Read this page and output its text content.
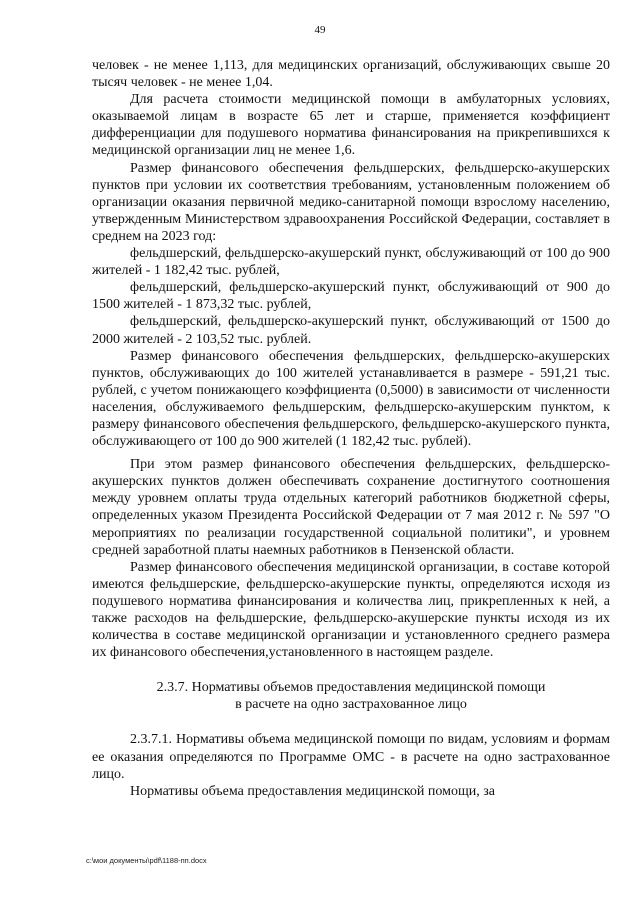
49

человек - не менее 1,113, для медицинских организаций, обслуживающих свыше 20 тысяч человек - не менее 1,04.

Для расчета стоимости медицинской помощи в амбулаторных условиях, оказываемой лицам в возрасте 65 лет и старше, применяется коэффициент дифференциации для подушевого норматива финансирования на прикрепившихся к медицинской организации лиц не менее 1,6.

Размер финансового обеспечения фельдшерских, фельдшерско-акушерских пунктов при условии их соответствия требованиям, установленным положением об организации оказания первичной медико-санитарной помощи взрослому населению, утвержденным Министерством здравоохранения Российской Федерации, составляет в среднем на 2023 год:

фельдшерский, фельдшерско-акушерский пункт, обслуживающий от 100 до 900 жителей - 1 182,42 тыс. рублей,

фельдшерский, фельдшерско-акушерский пункт, обслуживающий от 900 до 1500 жителей - 1 873,32 тыс. рублей,

фельдшерский, фельдшерско-акушерский пункт, обслуживающий от 1500 до 2000 жителей - 2 103,52 тыс. рублей.

Размер финансового обеспечения фельдшерских, фельдшерско-акушерских пунктов, обслуживающих до 100 жителей устанавливается в размере - 591,21 тыс. рублей, с учетом понижающего коэффициента (0,5000) в зависимости от численности населения, обслуживаемого фельдшерским, фельдшерско-акушерским пунктом, к размеру финансового обеспечения фельдшерского, фельдшерско-акушерского пункта, обслуживающего от 100 до 900 жителей (1 182,42 тыс. рублей).

При этом размер финансового обеспечения фельдшерских, фельдшерско-акушерских пунктов должен обеспечивать сохранение достигнутого соотношения между уровнем оплаты труда отдельных категорий работников бюджетной сферы, определенных указом Президента Российской Федерации от 7 мая 2012 г. № 597 "О мероприятиях по реализации государственной социальной политики", и уровнем средней заработной платы наемных работников в Пензенской области.

Размер финансового обеспечения медицинской организации, в составе которой имеются фельдшерские, фельдшерско-акушерские пункты, определяются исходя из подушевого норматива финансирования и количества лиц, прикрепленных к ней, а также расходов на фельдшерские, фельдшерско-акушерские пункты исходя из их количества в составе медицинской организации и установленного среднего размера их финансового обеспечения,установленного в настоящем разделе.

2.3.7. Нормативы объемов предоставления медицинской помощи

в расчете на одно застрахованное лицо

2.3.7.1. Нормативы объема медицинской помощи по видам, условиям и формам ее оказания определяются по Программе ОМС - в расчете на одно застрахованное лицо.

Нормативы объема предоставления медицинской помощи, за

c:\мои документы\pdf\1188-пп.docx
